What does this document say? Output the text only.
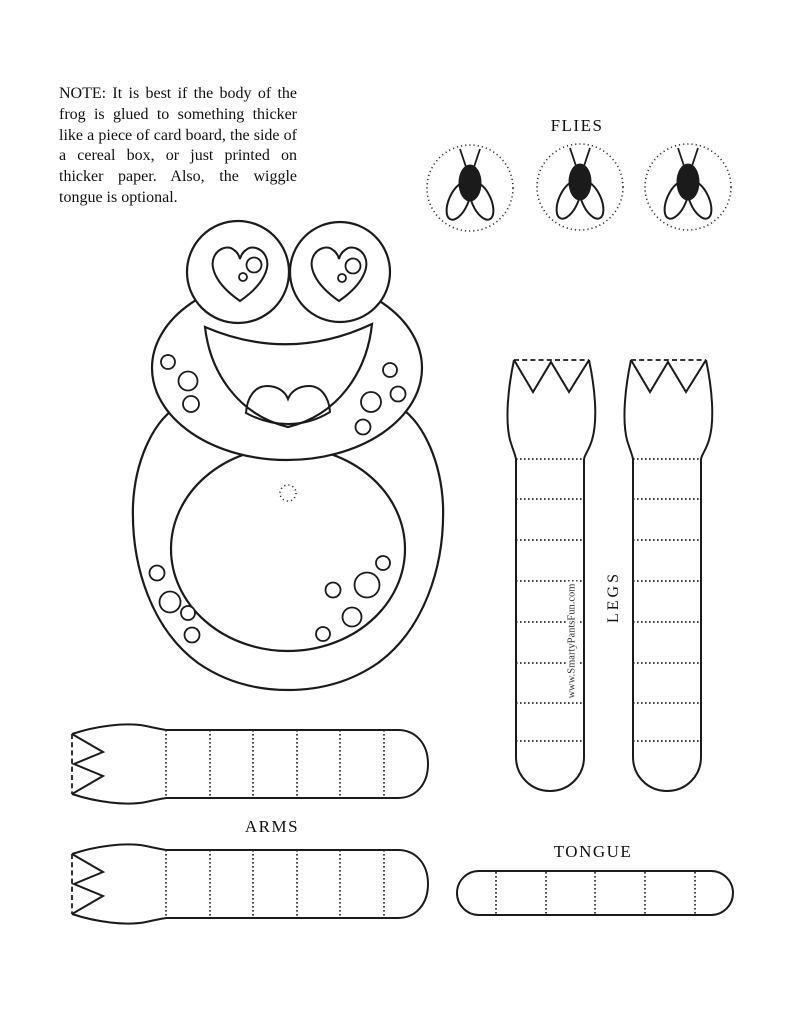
NOTE: It is best if the body of the frog is glued to something thicker like a piece of card board, the side of a cereal box, or just printed on thicker paper. Also, the wiggle tongue is optional.
FLIES
LEGS
www.SmartyPantsFun.com
ARMS
TONGUE
